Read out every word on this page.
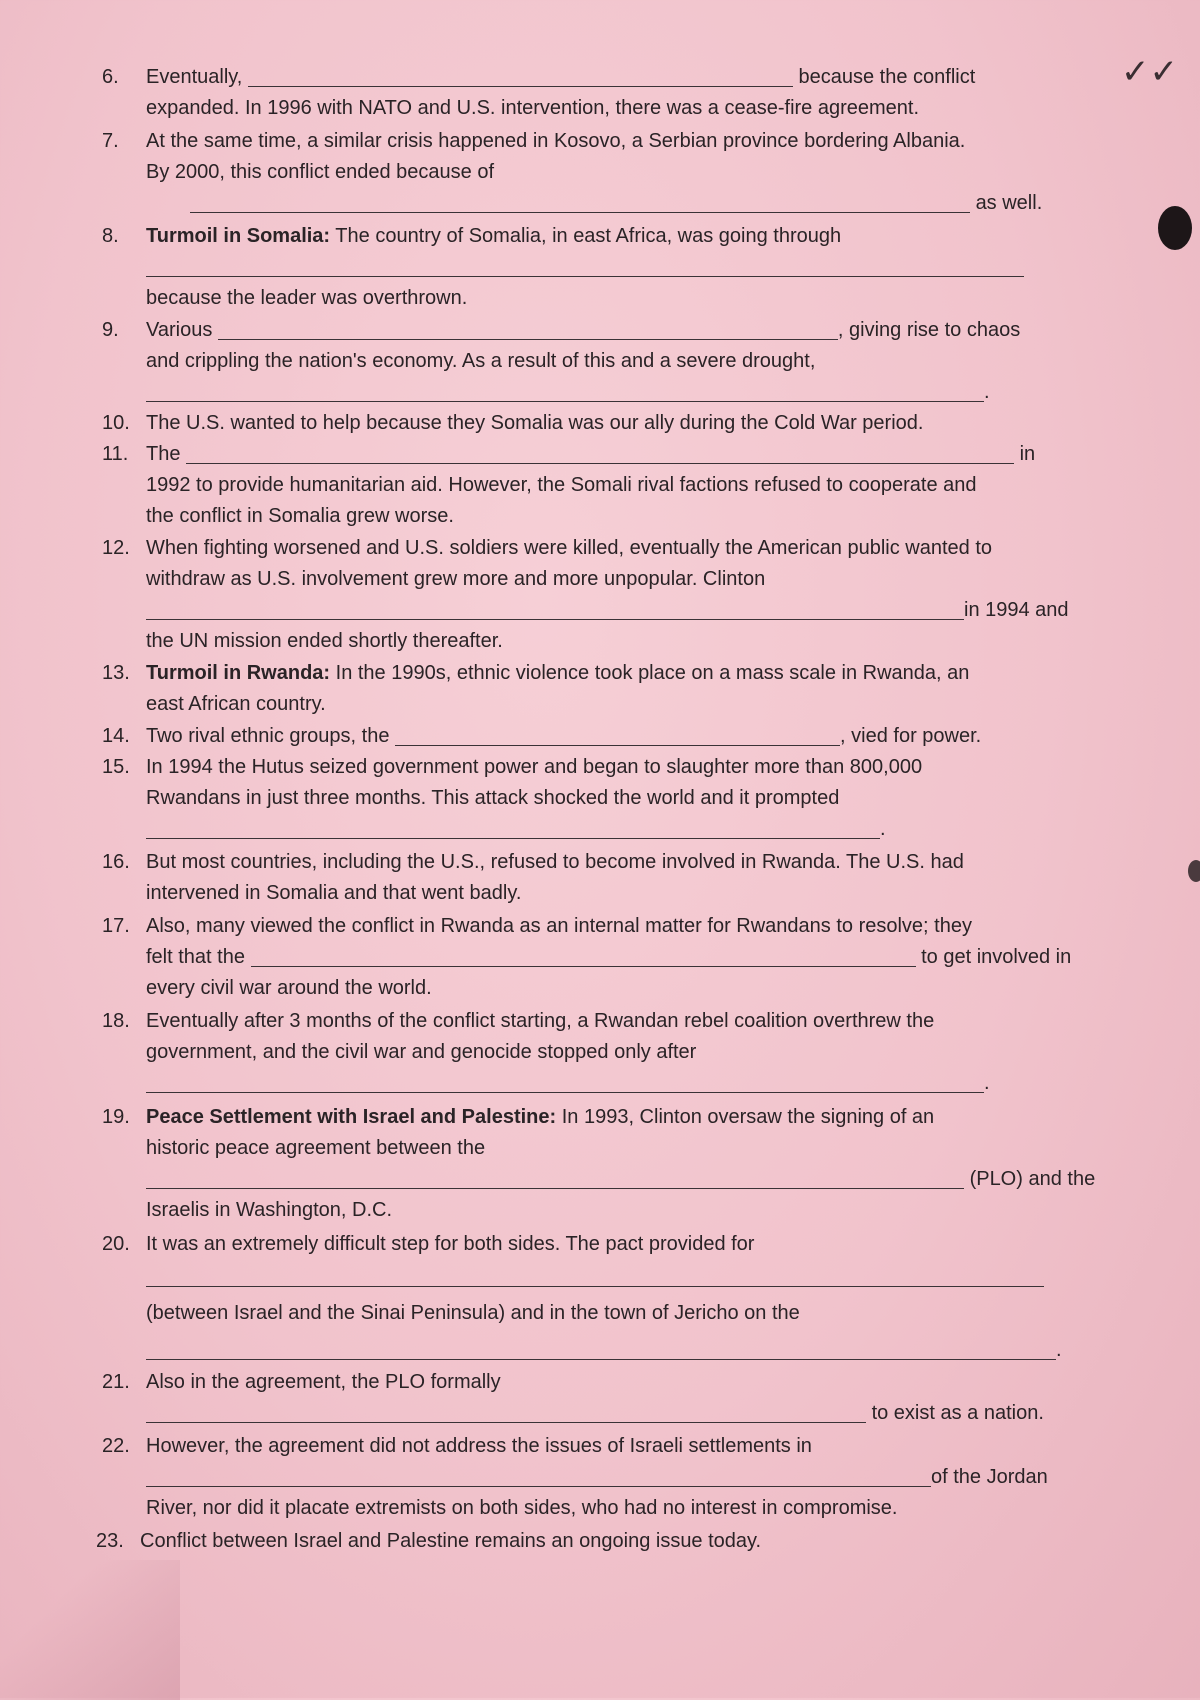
✓✓
6. Eventually,	because the conflict
expanded. In 1996 with NATO and U.S. intervention, there was a cease-fire agreement.
7. At the same time, a similar crisis happened in Kosovo, a Serbian province bordering Albania.
By 2000, this conflict ended because of
as well.
8. Turmoil in Somalia: The country of Somalia, in east Africa, was going through

because the leader was overthrown.
9. Various	, giving rise to chaos
and crippling the nation's economy. As a result of this and a severe drought,
.
10. The U.S. wanted to help because they Somalia was our ally during the Cold War period.
11. The	in
1992 to provide humanitarian aid. However, the Somali rival factions refused to cooperate and
the conflict in Somalia grew worse.
12. When fighting worsened and U.S. soldiers were killed, eventually the American public wanted to
withdraw as U.S. involvement grew more and more unpopular. Clinton
in 1994 and
the UN mission ended shortly thereafter.
13. Turmoil in Rwanda: In the 1990s, ethnic violence took place on a mass scale in Rwanda, an
east African country.
14. Two rival ethnic groups, the	, vied for power.
15. In 1994 the Hutus seized government power and began to slaughter more than 800,000
Rwandans in just three months. This attack shocked the world and it prompted
.
16. But most countries, including the U.S., refused to become involved in Rwanda. The U.S. had
intervened in Somalia and that went badly.
17. Also, many viewed the conflict in Rwanda as an internal matter for Rwandans to resolve; they
felt that the	to get involved in
every civil war around the world.
18. Eventually after 3 months of the conflict starting, a Rwandan rebel coalition overthrew the
government, and the civil war and genocide stopped only after
.
19. Peace Settlement with Israel and Palestine: In 1993, Clinton oversaw the signing of an
historic peace agreement between the
(PLO) and the
Israelis in Washington, D.C.
20. It was an extremely difficult step for both sides. The pact provided for

(between Israel and the Sinai Peninsula) and in the town of Jericho on the
.
21. Also in the agreement, the PLO formally
to exist as a nation.
22. However, the agreement did not address the issues of Israeli settlements in
of the Jordan
River, nor did it placate extremists on both sides, who had no interest in compromise.
23. Conflict between Israel and Palestine remains an ongoing issue today.
